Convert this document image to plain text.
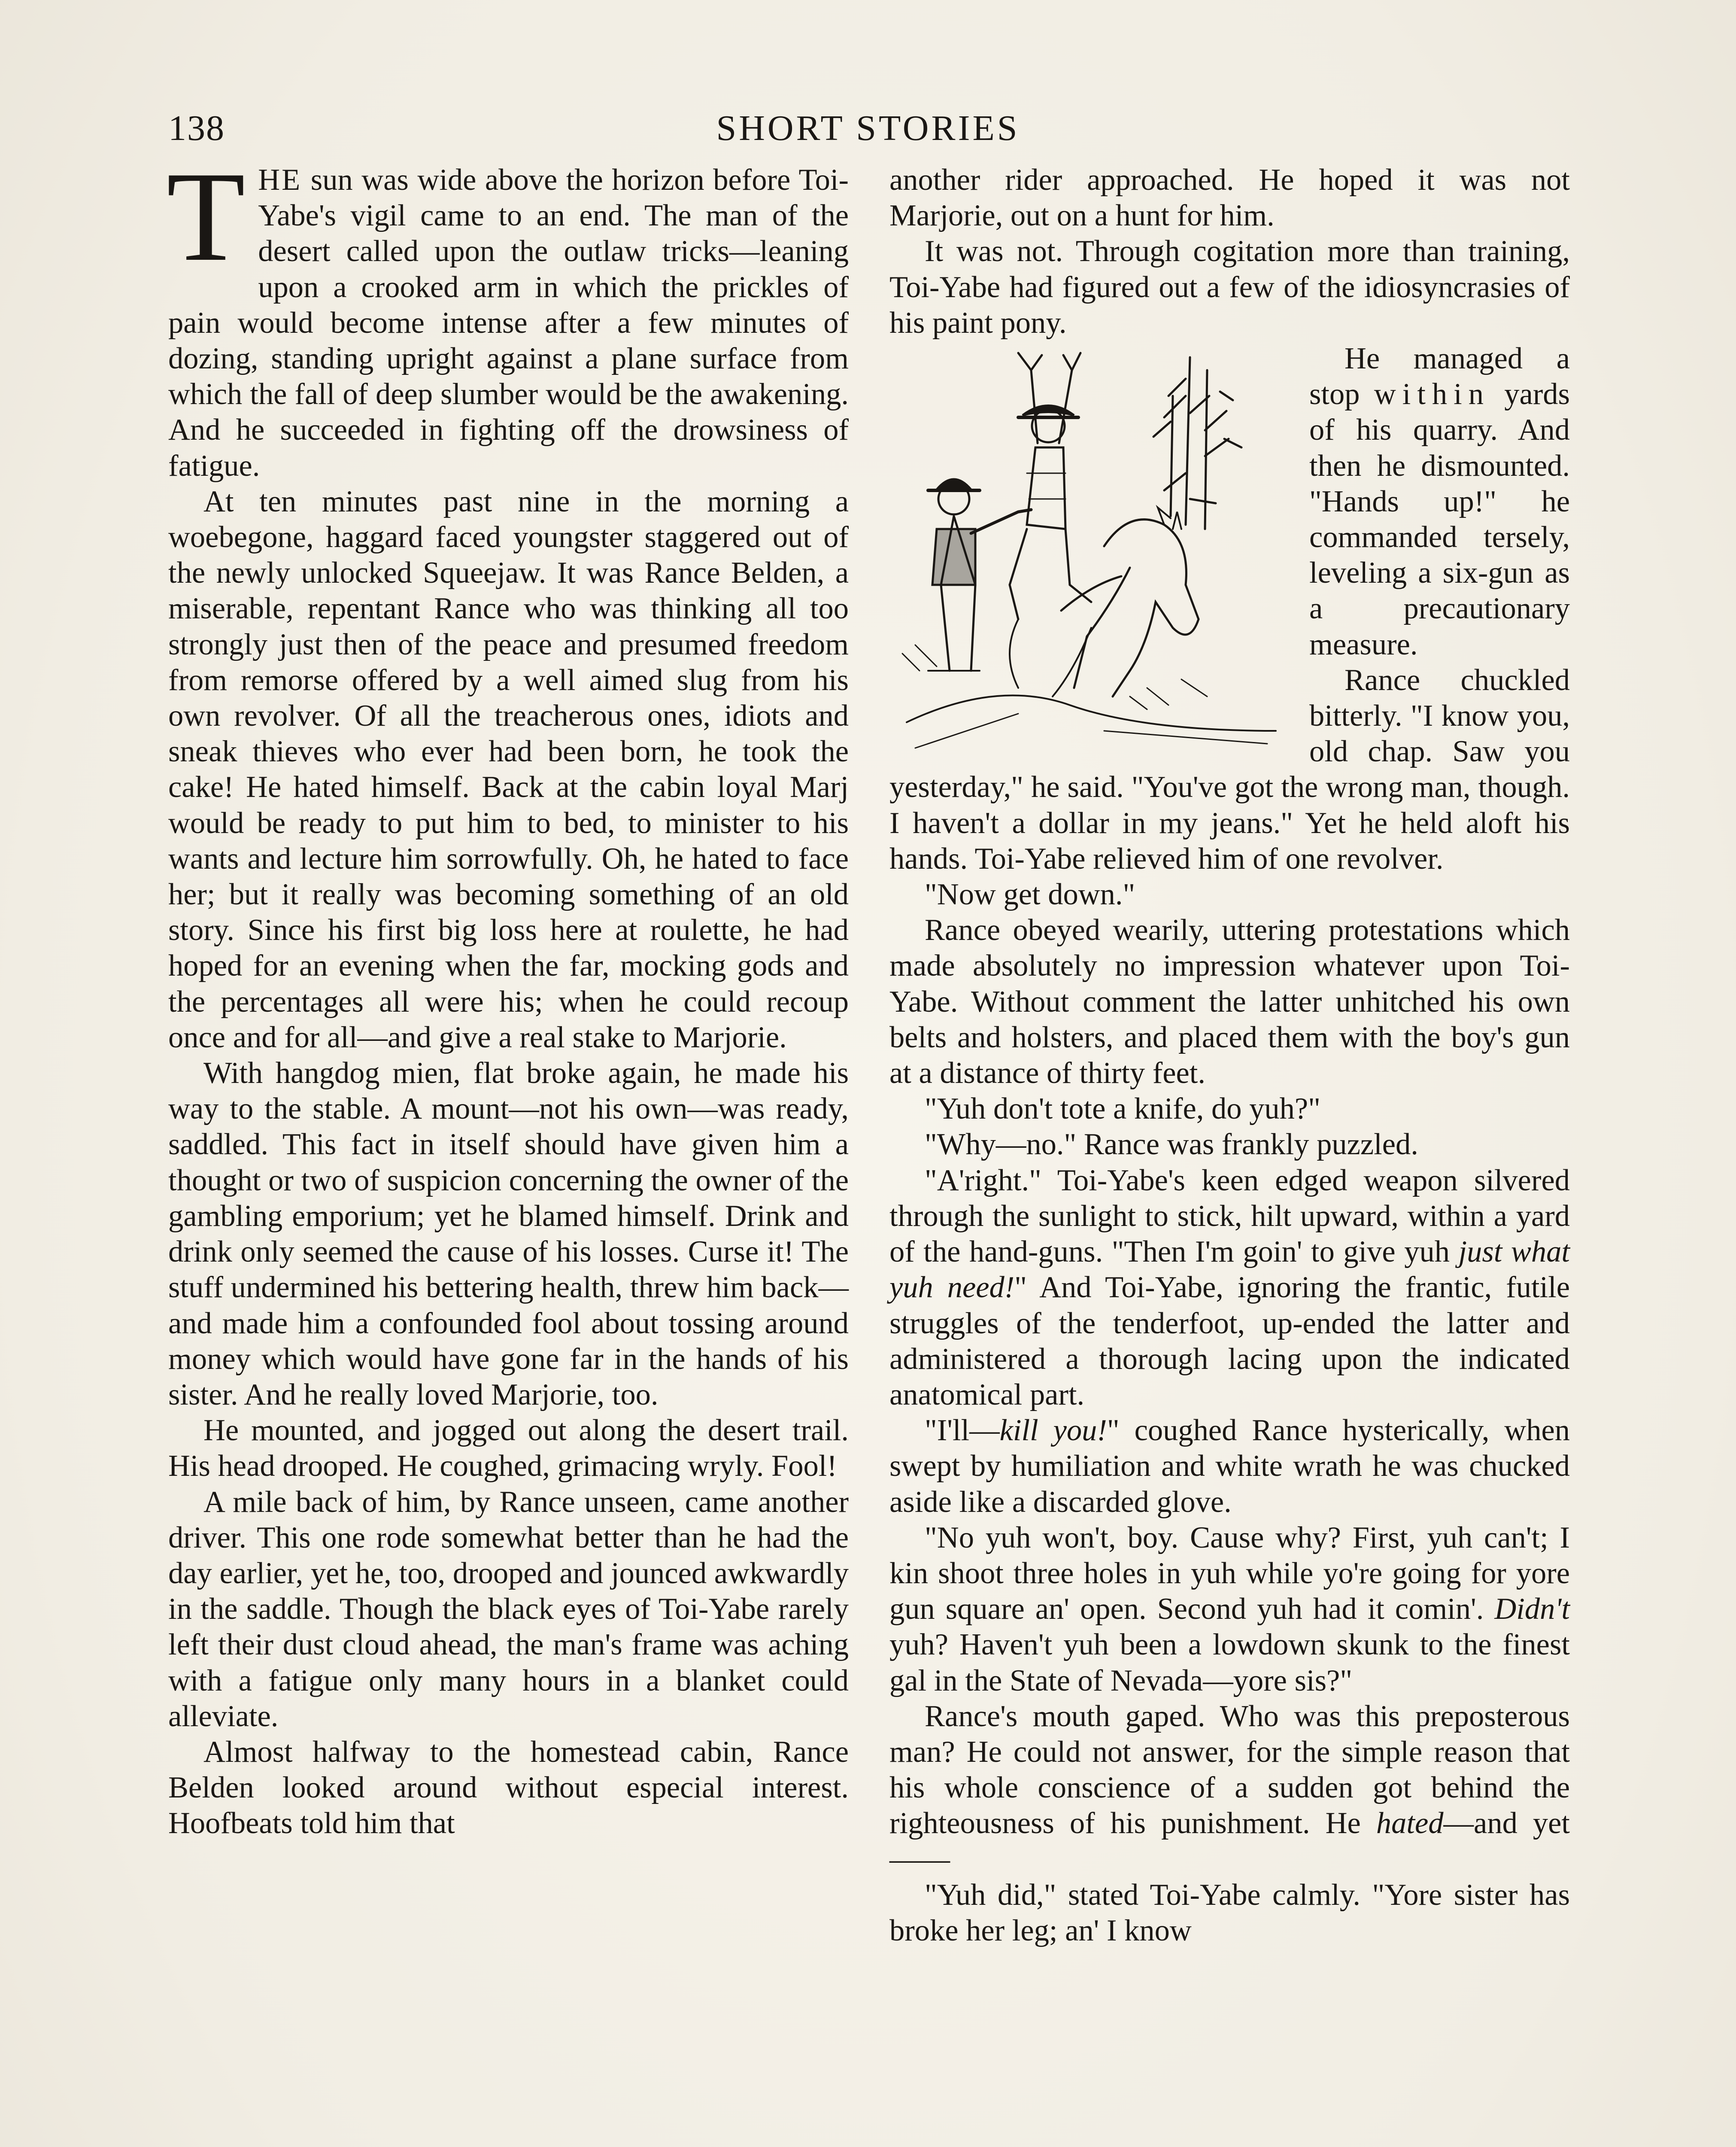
138	SHORT STORIES

THE sun was wide above the horizon before Toi-Yabe's vigil came to an end. The man of the desert called upon the outlaw tricks—leaning upon a crooked arm in which the prickles of pain would become intense after a few minutes of dozing, standing upright against a plane surface from which the fall of deep slumber would be the awakening. And he succeeded in fighting off the drowsiness of fatigue.

At ten minutes past nine in the morning a woebegone, haggard faced youngster staggered out of the newly unlocked Squeejaw. It was Rance Belden, a miserable, repentant Rance who was thinking all too strongly just then of the peace and presumed freedom from remorse offered by a well aimed slug from his own revolver. Of all the treacherous ones, idiots and sneak thieves who ever had been born, he took the cake! He hated himself. Back at the cabin loyal Marj would be ready to put him to bed, to minister to his wants and lecture him sorrowfully. Oh, he hated to face her; but it really was becoming something of an old story. Since his first big loss here at roulette, he had hoped for an evening when the far, mocking gods and the percentages all were his; when he could recoup once and for all—and give a real stake to Marjorie.

With hangdog mien, flat broke again, he made his way to the stable. A mount—not his own—was ready, saddled. This fact in itself should have given him a thought or two of suspicion concerning the owner of the gambling emporium; yet he blamed himself. Drink and drink only seemed the cause of his losses. Curse it! The stuff undermined his bettering health, threw him back—and made him a confounded fool about tossing around money which would have gone far in the hands of his sister. And he really loved Marjorie, too.

He mounted, and jogged out along the desert trail. His head drooped. He coughed, grimacing wryly. Fool!

A mile back of him, by Rance unseen, came another driver. This one rode somewhat better than he had the day earlier, yet he, too, drooped and jounced awkwardly in the saddle. Though the black eyes of Toi-Yabe rarely left their dust cloud ahead, the man's frame was aching with a fatigue only many hours in a blanket could alleviate.

Almost halfway to the homestead cabin, Rance Belden looked around without especial interest. Hoofbeats told him that

another rider approached. He hoped it was not Marjorie, out on a hunt for him.

It was not. Through cogitation more than training, Toi-Yabe had figured out a few of the idiosyncrasies of his paint pony.

He managed a stop within yards of his quarry. And then he dismounted. "Hands up!" he commanded tersely, leveling a six-gun as a precautionary measure.

Rance chuckled bitterly. "I know you, old chap. Saw you yesterday," he said. "You've got the wrong man, though. I haven't a dollar in my jeans." Yet he held aloft his hands. Toi-Yabe relieved him of one revolver.

"Now get down."

Rance obeyed wearily, uttering protestations which made absolutely no impression whatever upon Toi-Yabe. Without comment the latter unhitched his own belts and holsters, and placed them with the boy's gun at a distance of thirty feet.

"Yuh don't tote a knife, do yuh?"

"Why—no." Rance was frankly puzzled.

"A'right." Toi-Yabe's keen edged weapon silvered through the sunlight to stick, hilt upward, within a yard of the hand-guns. "Then I'm goin' to give yuh just what yuh need!" And Toi-Yabe, ignoring the frantic, futile struggles of the tenderfoot, up-ended the latter and administered a thorough lacing upon the indicated anatomical part.

"I'll—kill you!" coughed Rance hysterically, when swept by humiliation and white wrath he was chucked aside like a discarded glove.

"No yuh won't, boy. Cause why? First, yuh can't; I kin shoot three holes in yuh while yo're going for yore gun square an' open. Second yuh had it comin'. Didn't yuh? Haven't yuh been a lowdown skunk to the finest gal in the State of Nevada—yore sis?"

Rance's mouth gaped. Who was this preposterous man? He could not answer, for the simple reason that his whole conscience of a sudden got behind the righteousness of his punishment. He hated—and yet——

"Yuh did," stated Toi-Yabe calmly. "Yore sister has broke her leg; an' I know
